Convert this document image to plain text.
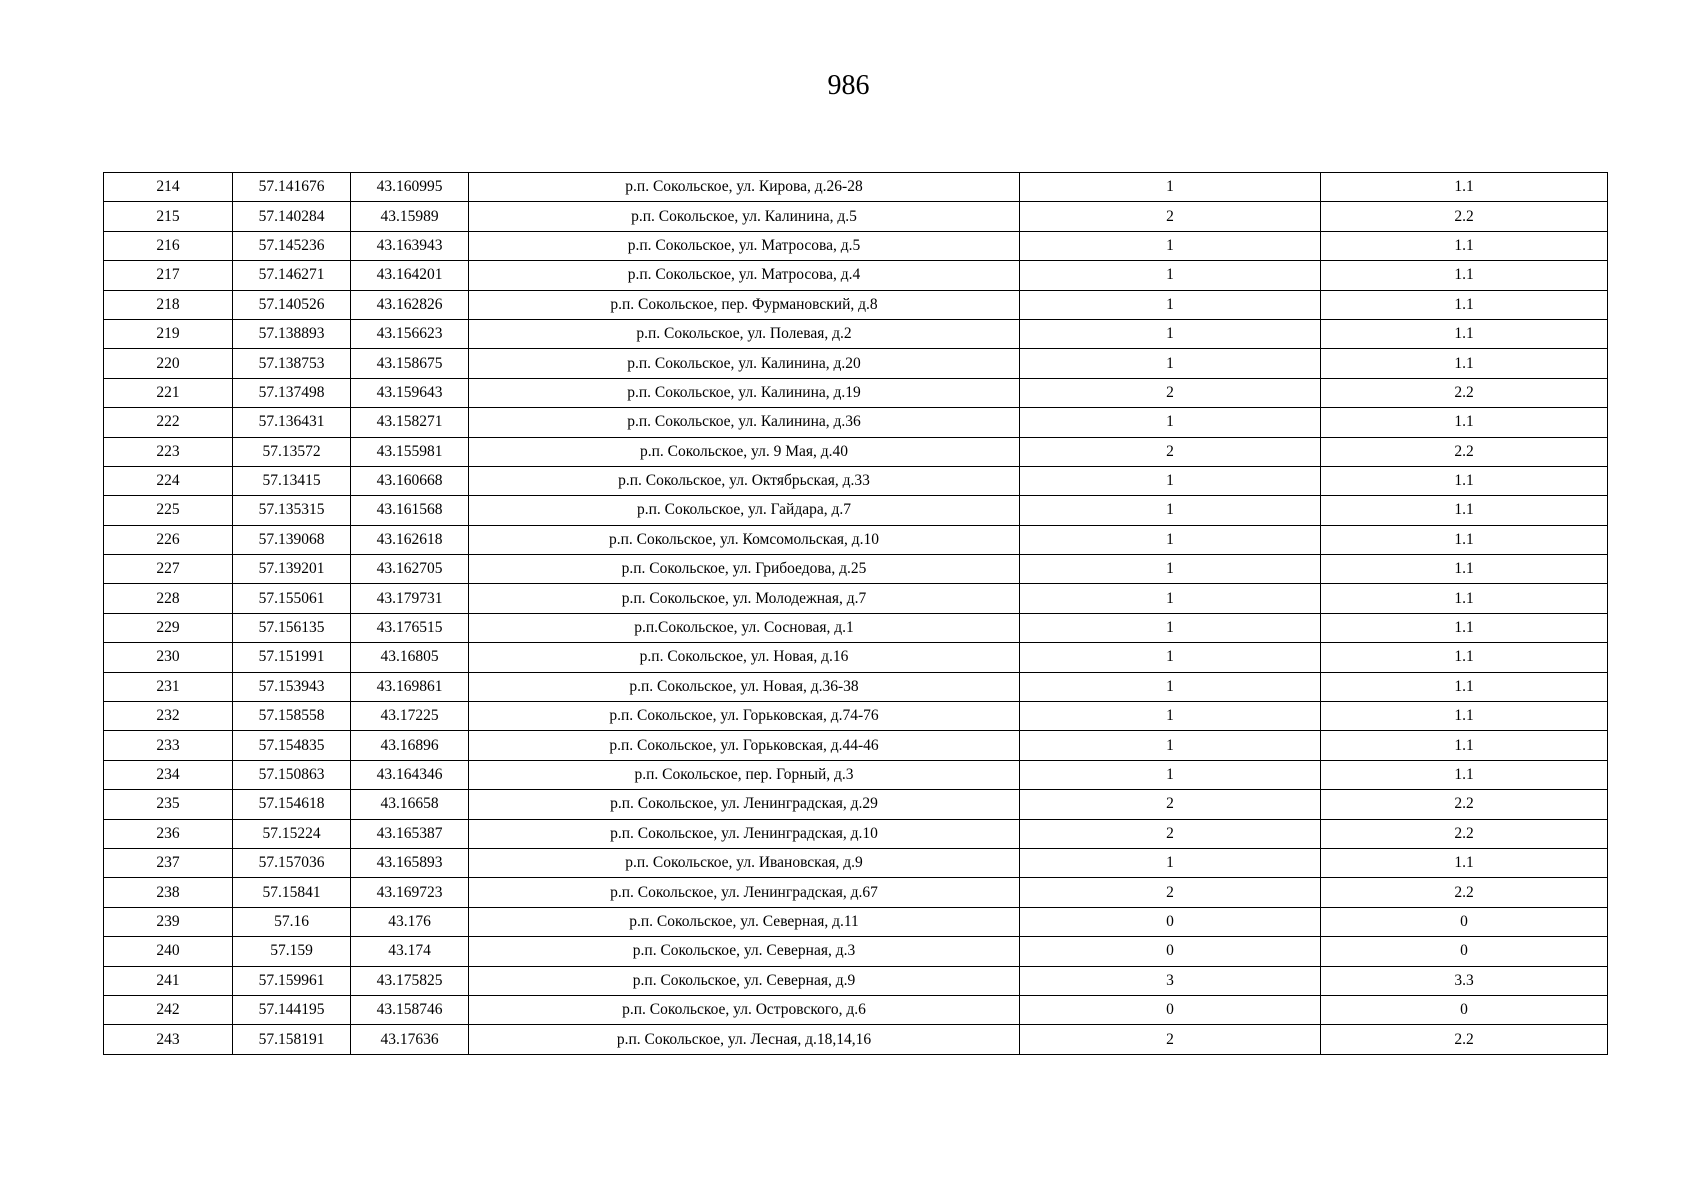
986
214	57.141676	43.160995	р.п. Сокольское, ул. Кирова, д.26-28	1	1.1
215	57.140284	43.15989	р.п. Сокольское, ул. Калинина, д.5	2	2.2
216	57.145236	43.163943	р.п. Сокольское, ул. Матросова, д.5	1	1.1
217	57.146271	43.164201	р.п. Сокольское, ул. Матросова, д.4	1	1.1
218	57.140526	43.162826	р.п. Сокольское, пер. Фурмановский, д.8	1	1.1
219	57.138893	43.156623	р.п. Сокольское, ул. Полевая, д.2	1	1.1
220	57.138753	43.158675	р.п. Сокольское, ул. Калинина, д.20	1	1.1
221	57.137498	43.159643	р.п. Сокольское, ул. Калинина, д.19	2	2.2
222	57.136431	43.158271	р.п. Сокольское, ул. Калинина, д.36	1	1.1
223	57.13572	43.155981	р.п. Сокольское, ул. 9 Мая, д.40	2	2.2
224	57.13415	43.160668	р.п. Сокольское, ул. Октябрьская, д.33	1	1.1
225	57.135315	43.161568	р.п. Сокольское, ул. Гайдара, д.7	1	1.1
226	57.139068	43.162618	р.п. Сокольское, ул. Комсомольская, д.10	1	1.1
227	57.139201	43.162705	р.п. Сокольское, ул. Грибоедова, д.25	1	1.1
228	57.155061	43.179731	р.п. Сокольское, ул. Молодежная, д.7	1	1.1
229	57.156135	43.176515	р.п.Сокольское, ул. Сосновая, д.1	1	1.1
230	57.151991	43.16805	р.п. Сокольское, ул. Новая, д.16	1	1.1
231	57.153943	43.169861	р.п. Сокольское, ул. Новая, д.36-38	1	1.1
232	57.158558	43.17225	р.п. Сокольское, ул. Горьковская, д.74-76	1	1.1
233	57.154835	43.16896	р.п. Сокольское, ул. Горьковская, д.44-46	1	1.1
234	57.150863	43.164346	р.п. Сокольское, пер. Горный, д.3	1	1.1
235	57.154618	43.16658	р.п. Сокольское, ул. Ленинградская, д.29	2	2.2
236	57.15224	43.165387	р.п. Сокольское, ул. Ленинградская, д.10	2	2.2
237	57.157036	43.165893	р.п. Сокольское, ул. Ивановская, д.9	1	1.1
238	57.15841	43.169723	р.п. Сокольское, ул. Ленинградская, д.67	2	2.2
239	57.16	43.176	р.п. Сокольское, ул. Северная, д.11	0	0
240	57.159	43.174	р.п. Сокольское, ул. Северная, д.3	0	0
241	57.159961	43.175825	р.п. Сокольское, ул. Северная, д.9	3	3.3
242	57.144195	43.158746	р.п. Сокольское, ул. Островского, д.6	0	0
243	57.158191	43.17636	р.п. Сокольское, ул. Лесная, д.18,14,16	2	2.2
